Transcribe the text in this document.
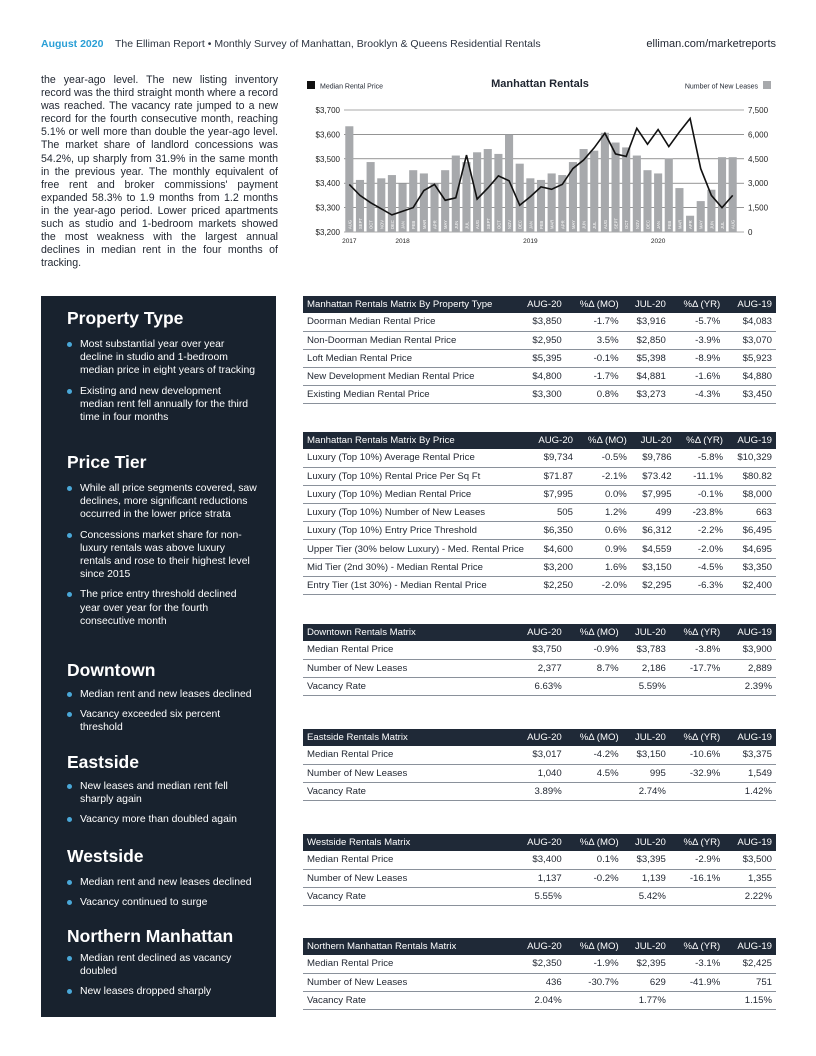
August 2020 The Elliman Report • Monthly Survey of Manhattan, Brooklyn & Queens Residential Rentals	elliman.com/marketreports

the year-ago level. The new listing inventory record was the third straight month where a record was reached. The vacancy rate jumped to a new record for the fourth consecutive month, reaching 5.1% or well more than double the year-ago level. The market share of landlord concessions was 54.2%, up sharply from 31.9% in the same month in the previous year. The monthly equivalent of free rent and broker commissions' payment expanded 58.3% to 1.9 months from 1.2 months in the year-ago period. Lower priced apartments such as studio and 1-bedroom markets showed the most weakness with the largest annual declines in median rent in the four months of tracking.

$3,200
$3,300
$3,400
$3,500
$3,600
$3,700
0
1,500
3,000
4,500
6,000
7,500
AUG SEPT OCT NOV DEC JAN FEB MAR APR MAY JUN JUL AUG SEPT OCT NOV DEC JAN FEB MAR APR MAY JUN JUL AUG SEPT OCT NOV DEC JAN FEB MAR APR MAY JUN JUL AUG
2017	2018	2019	2020
Manhattan Rentals
Median Rental Price	Number of New Leases
Property Type
Most substantial year over year decline in studio and 1-bedroom median price in eight years of tracking
Existing and new development median rent fell annually for the third time in four months
Price Tier
While all price segments covered, saw declines, more significant reductions occurred in the lower price strata
Concessions market share for non-luxury rentals was above luxury rentals and rose to their highest level since 2015
The price entry threshold declined year over year for the fourth consecutive month
Downtown
Median rent and new leases declined
Vacancy exceeded six percent threshold
Eastside
New leases and median rent fell sharply again
Vacancy more than doubled again
Westside
Median rent and new leases declined
Vacancy continued to surge
Northern Manhattan
Median rent declined as vacancy doubled
New leases dropped sharply
Manhattan Rentals Matrix By Property Type	AUG-20	%Δ (MO)	JUL-20	%Δ (YR)	AUG-19
Doorman Median Rental Price	$3,850	-1.7%	$3,916	-5.7%	$4,083
Non-Doorman Median Rental Price	$2,950	3.5%	$2,850	-3.9%	$3,070
Loft Median Rental Price	$5,395	-0.1%	$5,398	-8.9%	$5,923
New Development Median Rental Price	$4,800	-1.7%	$4,881	-1.6%	$4,880
Existing Median Rental Price	$3,300	0.8%	$3,273	-4.3%	$3,450
Manhattan Rentals Matrix By Price	AUG-20	%Δ (MO)	JUL-20	%Δ (YR)	AUG-19
Luxury (Top 10%) Average Rental Price	$9,734	-0.5%	$9,786	-5.8%	$10,329
Luxury (Top 10%) Rental Price Per Sq Ft	$71.87	-2.1%	$73.42	-11.1%	$80.82
Luxury (Top 10%) Median Rental Price	$7,995	0.0%	$7,995	-0.1%	$8,000
Luxury (Top 10%) Number of New Leases	505	1.2%	499	-23.8%	663
Luxury (Top 10%) Entry Price Threshold	$6,350	0.6%	$6,312	-2.2%	$6,495
Upper Tier (30% below Luxury) - Med. Rental Price	$4,600	0.9%	$4,559	-2.0%	$4,695
Mid Tier (2nd 30%) - Median Rental Price	$3,200	1.6%	$3,150	-4.5%	$3,350
Entry Tier (1st 30%) - Median Rental Price	$2,250	-2.0%	$2,295	-6.3%	$2,400
Downtown Rentals Matrix	AUG-20	%Δ (MO)	JUL-20	%Δ (YR)	AUG-19
Median Rental Price	$3,750	-0.9%	$3,783	-3.8%	$3,900
Number of New Leases	2,377	8.7%	2,186	-17.7%	2,889
Vacancy Rate	6.63%		5.59%		2.39%
Eastside Rentals Matrix	AUG-20	%Δ (MO)	JUL-20	%Δ (YR)	AUG-19
Median Rental Price	$3,017	-4.2%	$3,150	-10.6%	$3,375
Number of New Leases	1,040	4.5%	995	-32.9%	1,549
Vacancy Rate	3.89%		2.74%		1.42%
Westside Rentals Matrix	AUG-20	%Δ (MO)	JUL-20	%Δ (YR)	AUG-19
Median Rental Price	$3,400	0.1%	$3,395	-2.9%	$3,500
Number of New Leases	1,137	-0.2%	1,139	-16.1%	1,355
Vacancy Rate	5.55%		5.42%		2.22%
Northern Manhattan Rentals Matrix	AUG-20	%Δ (MO)	JUL-20	%Δ (YR)	AUG-19
Median Rental Price	$2,350	-1.9%	$2,395	-3.1%	$2,425
Number of New Leases	436	-30.7%	629	-41.9%	751
Vacancy Rate	2.04%		1.77%		1.15%
